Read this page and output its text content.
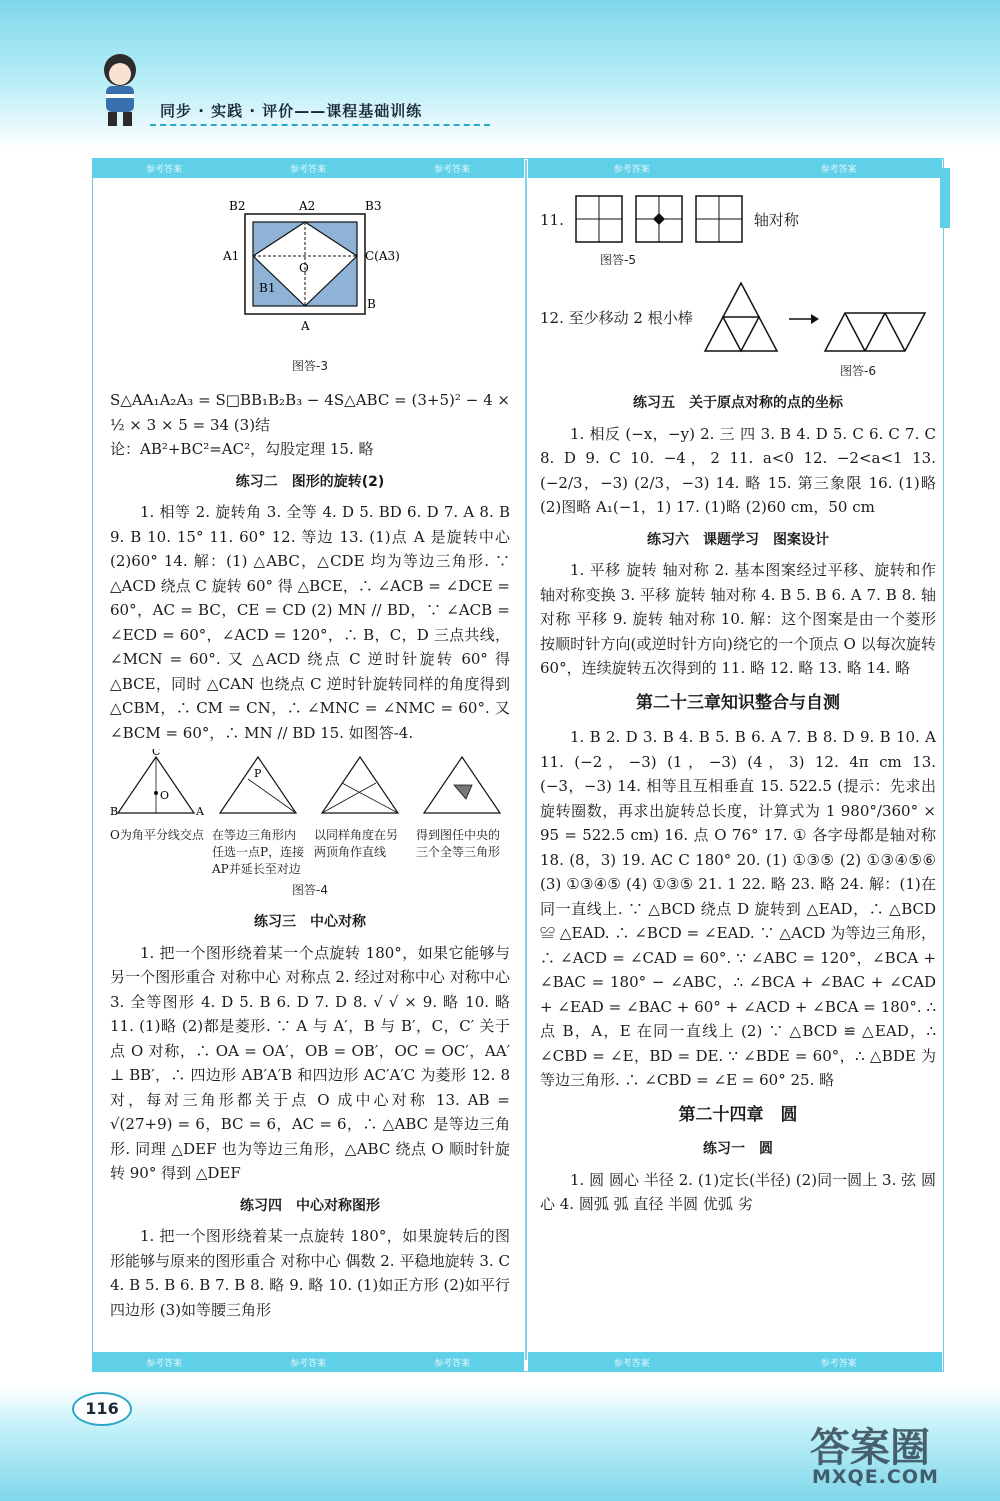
同步 · 实践 · 评价——课程基础训练
参考答案	参考答案	参考答案	参考答案	参考答案
参考答案	参考答案	参考答案	参考答案	参考答案
B2	A2	B3
A1	C(A3)
B1
O
B
A
图答-3

S△AA₁A₂A₃ = S□BB₁B₂B₃ − 4S△ABC = (3+5)² − 4 × ½ × 3 × 5 = 34 (3)结

论：AB²+BC²=AC²，勾股定理 15. 略

练习二　图形的旋转(2)

1. 相等 2. 旋转角 3. 全等 4. D 5. BD 6. D 7. A 8. B 9. B 10. 15° 11. 60° 12. 等边 13. (1)点 A 是旋转中心 (2)60° 14. 解：(1) △ABC，△CDE 均为等边三角形. ∵ △ACD 绕点 C 旋转 60° 得 △BCE，∴ ∠ACB = ∠DCE = 60°，AC = BC，CE = CD (2) MN // BD，∵ ∠ACB = ∠ECD = 60°，∠ACD = 120°，∴ B，C，D 三点共线，∠MCN = 60°. 又 △ACD 绕点 C 逆时针旋转 60° 得 △BCE，同时 △CAN 也绕点 C 逆时针旋转同样的角度得到 △CBM，∴ CM = CN，∴ ∠MNC = ∠NMC = 60°. 又 ∠BCM = 60°，∴ MN // BD 15. 如图答-4.

C
B	A
O
P
O为角平分线交点 在等边三角形内任选一点P，连接AP并延长至对边
以同样角度在另两顶角作直线
得到图任中央的三个全等三角形
图答-4
练习三　中心对称

1. 把一个图形绕着某一个点旋转 180°，如果它能够与另一个图形重合 对称中心 对称点 2. 经过对称中心 对称中心 3. 全等图形 4. D 5. B 6. D 7. D 8. √ √ × 9. 略 10. 略 11. (1)略 (2)都是菱形. ∵ A 与 A′，B 与 B′，C，C′ 关于点 O 对称，∴ OA = OA′，OB = OB′，OC = OC′，AA′ ⊥ BB′，∴ 四边形 AB′A′B 和四边形 AC′A′C 为菱形 12. 8 对，每对三角形都关于点 O 成中心对称 13. AB = √(27+9) = 6，BC = 6，AC = 6，∴ △ABC 是等边三角形. 同理 △DEF 也为等边三角形，△ABC 绕点 O 顺时针旋转 90° 得到 △DEF

练习四　中心对称图形

1. 把一个图形绕着某一点旋转 180°，如果旋转后的图形能够与原来的图形重合 对称中心 偶数 2. 平稳地旋转 3. C 4. B 5. B 6. B 7. B 8. 略 9. 略 10. (1)如正方形 (2)如平行四边形 (3)如等腰三角形

11.	轴对称
图答-5
12. 至少移动 2 根小棒
图答-6
练习五　关于原点对称的点的坐标

1. 相反 (−x，−y) 2. 三 四 3. B 4. D 5. C 6. C 7. C 8. D 9. C 10. −4，2 11. a<0 12. −2<a<1 13. (−2/3，−3) (2/3，−3) 14. 略 15. 第三象限 16. (1)略 (2)图略 A₁(−1，1) 17. (1)略 (2)60 cm，50 cm

练习六　课题学习　图案设计

1. 平移 旋转 轴对称 2. 基本图案经过平移、旋转和作轴对称变换 3. 平移 旋转 轴对称 4. B 5. B 6. A 7. B 8. 轴对称 平移 9. 旋转 轴对称 10. 解：这个图案是由一个菱形按顺时针方向(或逆时针方向)绕它的一个顶点 O 以每次旋转 60°，连续旋转五次得到的 11. 略 12. 略 13. 略 14. 略

第二十三章知识整合与自测

1. B 2. D 3. B 4. B 5. B 6. A 7. B 8. D 9. B 10. A 11. (−2，−3) (1，−3) (4，3) 12. 4π cm 13. (−3，−3) 14. 相等且互相垂直 15. 522.5 (提示：先求出旋转圈数，再求出旋转总长度，计算式为 1 980°/360° × 95 = 522.5 cm) 16. 点 O 76° 17. ① 各字母都是轴对称 18. (8，3) 19. AC C 180° 20. (1) ①③⑤ (2) ①③④⑤⑥ (3) ①③④⑤ (4) ①③⑤ 21. 1 22. 略 23. 略 24. 解：(1)在同一直线上. ∵ △BCD 绕点 D 旋转到 △EAD，∴ △BCD ≌ △EAD. ∴ ∠BCD = ∠EAD. ∵ △ACD 为等边三角形，∴ ∠ACD = ∠CAD = 60°. ∵ ∠ABC = 120°，∠BCA + ∠BAC = 180° − ∠ABC，∴ ∠BCA + ∠BAC + ∠CAD + ∠EAD = ∠BAC + 60° + ∠ACD + ∠BCA = 180°. ∴ 点 B，A，E 在同一直线上 (2) ∵ △BCD ≌ △EAD，∴ ∠CBD = ∠E，BD = DE. ∵ ∠BDE = 60°，∴ △BDE 为等边三角形. ∴ ∠CBD = ∠E = 60° 25. 略

第二十四章　圆
练习一　圆

1. 圆 圆心 半径 2. (1)定长(半径) (2)同一圆上 3. 弦 圆心 4. 圆弧 弧 直径 半圆 优弧 劣

116
答案圈
MXQE.COM
